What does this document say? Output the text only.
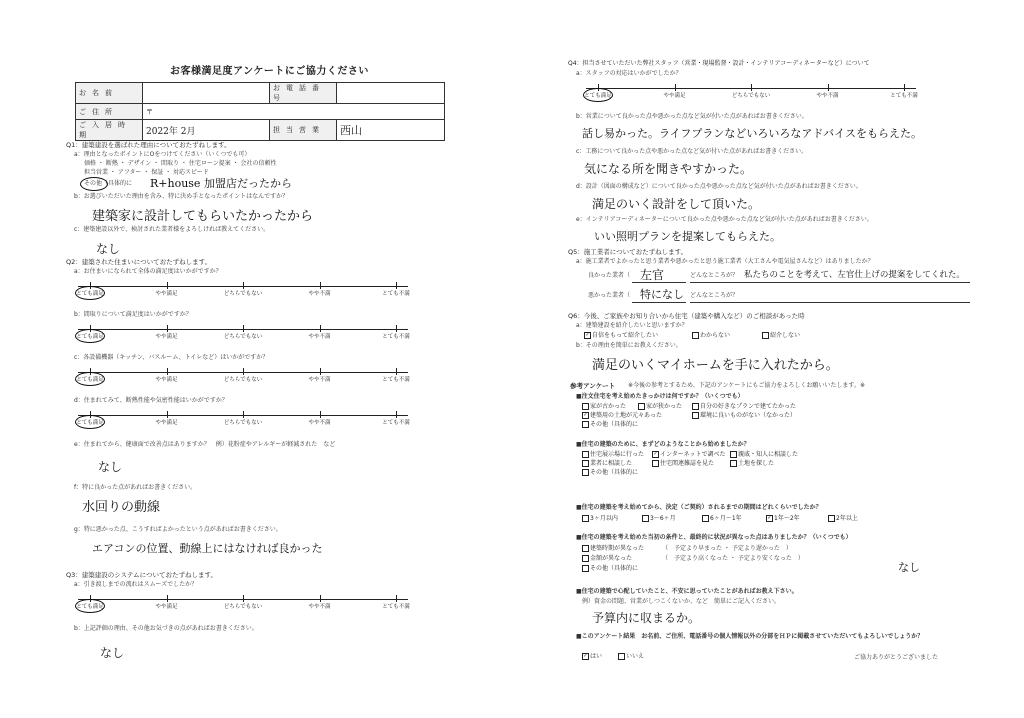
お客様満足度アンケートにご協力ください
お名前		お電話番号	
ご住所	〒		
ご入居時期	2022年 2月	担当営業	西山
Q1：建築建設を選ばれた理由についておたずねします。
a：理由となったポイントにOをつけてください（いくつでも可）
価格 ・ 断熱 ・ デザイン ・ 間取り ・ 住宅ローン提案 ・ 会社の信頼性
担当営業 ・ アフター ・ 保証 ・ 対応スピード
その他（具体的に R+house 加盟店だったから
b：お選びいただいた理由を含み、特に決め手となったポイントはなんですか？
建築家に設計してもらいたかったから
c：建築建設以外で、検討された業者様をよろしければ教えてください。
なし
Q2：建築された住まいについておたずねします。
a：お住まいになられて全体の満足度はいかがですか？
とても満足	やや満足	どちらでもない	やや不満	とても不満
b：間取りについて満足度はいかがですか？
とても満足	やや満足	どちらでもない	やや不満	とても不満
c：各設備機器（キッチン、バスルーム、トイレなど）はいかがですか？
とても満足	やや満足	どちらでもない	やや不満	とても不満
d：住まれてみて、断熱性能や気密性能はいかがですか？
とても満足	やや満足	どちらでもない	やや不満	とても不満
e：住まれてから、健康面で改善点はありますか？　例）花粉症やアレルギーが軽減された　など
なし
f：特に良かった点があればお書きください。
水回りの動線
g：特に悪かった点、こうすればよかったという点があればお書きください。
エアコンの位置、動線上にはなければ良かった
Q3：建築建設のシステムについておたずねします。
a：引き渡しまでの流れはスムーズでしたか？
とても満足	やや満足	どちらでもない	やや不満	とても不満
b：上記評価の理由、その他お気づきの点があればお書きください。
なし
Q4：担当させていただいた弊社スタッフ（営業・現場監督・設計・インテリアコーディネーターなど）について
a：スタッフの対応はいかがでしたか？
とても満足	やや満足	どちらでもない	やや不満	とても不満
b：営業について良かった点や悪かった点など気が付いた点があればお書きください。
話し易かった。ライフプランなどいろいろなアドバイスをもらえた。
c：工務について良かった点や悪かった点など気が付いた点があればお書きください。
気になる所を聞きやすかった。
d：設計（図面の構成など）について良かった点や悪かった点など気が付いた点があればお書きください。
満足のいく設計をして頂いた。
e：インテリアコーディネーターについて良かった点や悪かった点など気が付いた点があればお書きください。
いい照明プランを提案してもらえた。
Q5：施工業者についておたずねします。
a：施工業者でよかったと思う業者や悪かったと思う施工業者（大工さんや電気屋さんなど）はありましたか？
良かった業者（ 左官	どんなところが？ 私たちのことを考えて、左官仕上げの提案をしてくれた。
悪かった業者（ 特になし どんなところが？
Q6：今後、ご家族やお知り合いから住宅（建築や購入など）のご相談があった時
a：建築建設を紹介したいと思いますか？
✓ 自信をもって紹介したい	わからない	紹介しない
b：その理由を簡単にお教えください。
満足のいくマイホームを手に入れたから。
参考アンケート ※今後の参考とするため、下記のアンケートにもご協力をよろしくお願いいたします。※
■注文住宅を考え始めたきっかけは何ですか？（いくつでも）
家が古かった	家が狭かった	自分の好きなプランで建てたかった
✓ 建築用の土地が元々あった	環境に良いものがない（なかった）
その他（具体的に
■住宅の建築のために、まずどのようなことから始めましたか？
住宅展示場に行った ✓ インターネットで調べた	親戚・知人に相談した
業者に相談した	住宅関連雑誌を見た	土地を探した
その他（具体的に
■住宅の建築を考え始めてから、決定（ご契約）されるまでの期間はどれくらいでしたか？
3ヶ月以内	3〜6ヶ月	6ヶ月〜1年	✓ 1年〜2年	2年以上
■住宅の建築を考え始めた当初の条件と、最終的に状況が異なった点はありましたか？（いくつでも）
建築時期が異なった	（　予定より早まった ・ 予定より遅かった　）
金額が異なった	（　予定より高くなった ・ 予定より安くなった　）
その他（具体的に	なし
■住宅の建築で心配していたこと、不安に思っていたことがあればお教え下さい。
例）資金の問題、営業がしつこくないか、など　簡単にご記入ください。
予算内に収まるか。
■このアンケート結果　お名前、ご住所、電話番号の個人情報以外の分部をＨＰに掲載させていただいてもよろしいでしょうか？
✓ はい	いいえ	ご協力ありがとうございました
